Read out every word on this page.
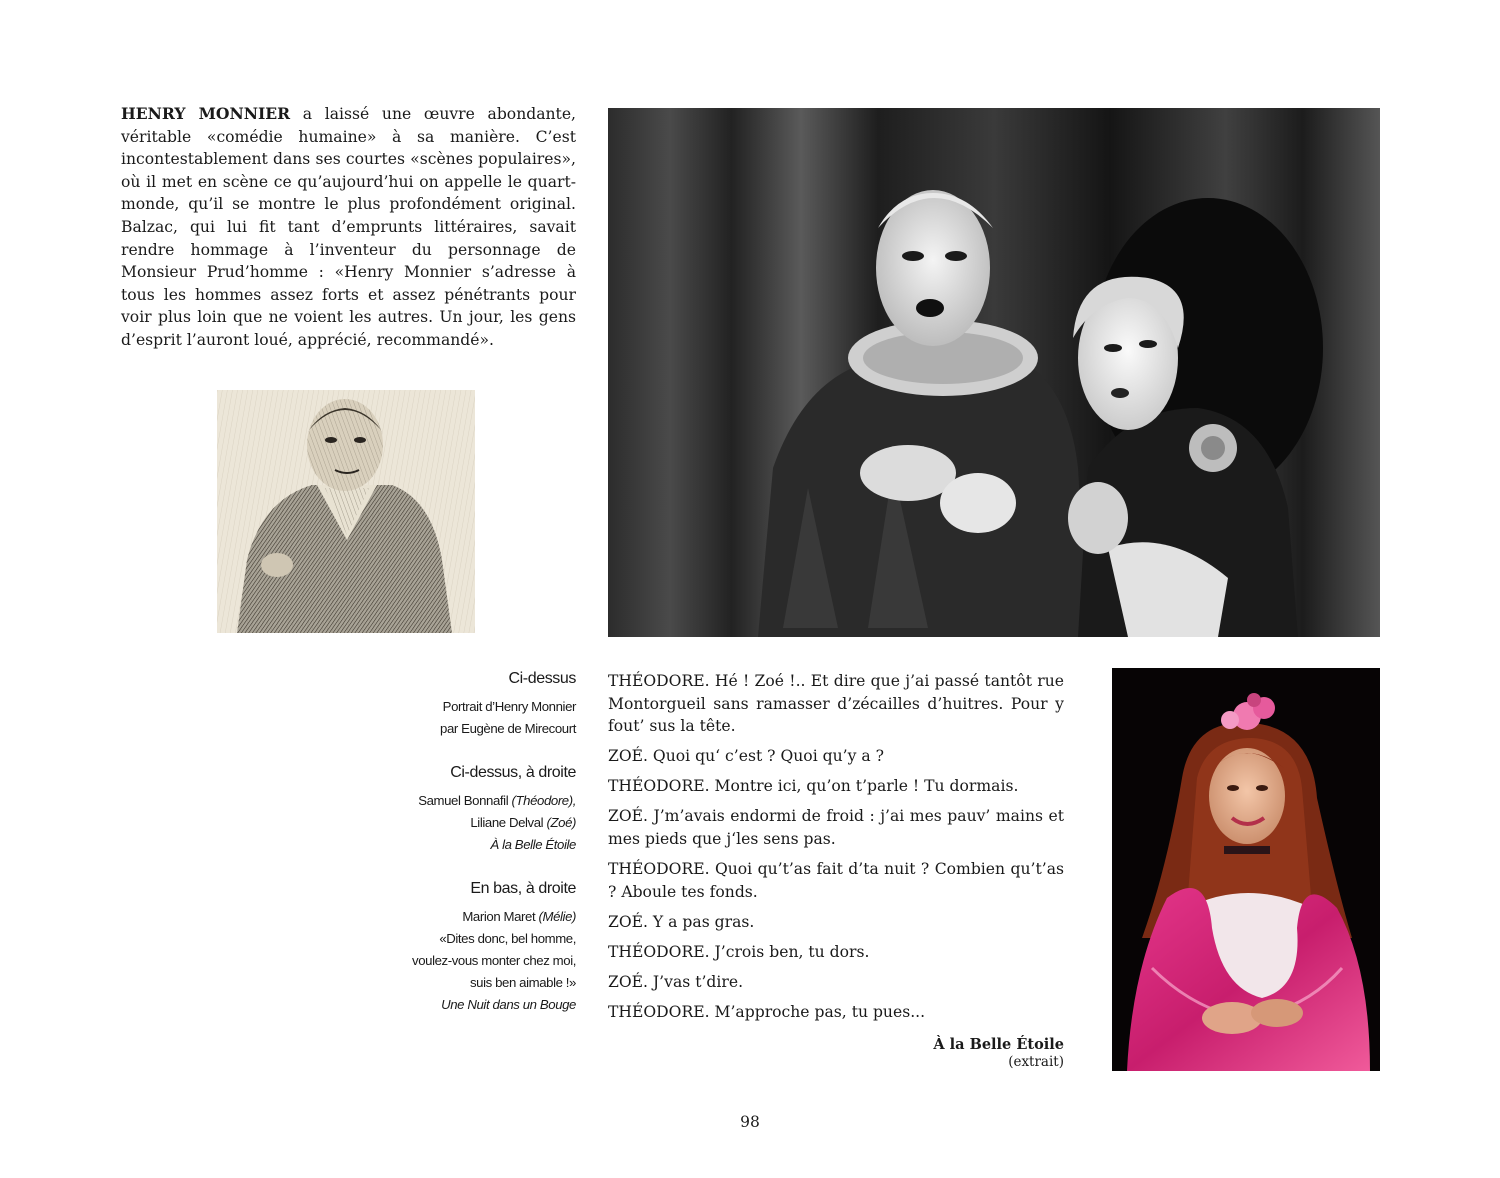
HENRY MONNIER a laissé une œuvre abondante, véritable «comédie humaine» à sa manière. C’est incontestablement dans ses courtes «scènes populaires», où il met en scène ce qu’aujourd’hui on appelle le quart-monde, qu’il se montre le plus profondément original. Balzac, qui lui fit tant d’emprunts littéraires, savait rendre hommage à l’inventeur du personnage de Monsieur Prud’homme : «Henry Monnier s’adresse à tous les hommes assez forts et assez pénétrants pour voir plus loin que ne voient les autres. Un jour, les gens d’esprit l’auront loué, apprécié, recommandé».

Ci-dessus
Portrait d’Henry Monnier
par Eugène de Mirecourt
Ci-dessus, à droite
Samuel Bonnafil (Théodore),
Liliane Delval (Zoé)
À la Belle Étoile
En bas, à droite
Marion Maret (Mélie)
«Dites donc, bel homme,
voulez-vous monter chez moi,
suis ben aimable !»
Une Nuit dans un Bouge

THÉODORE. Hé ! Zoé !.. Et dire que j’ai passé tantôt rue Montorgueil sans ramasser d’zécailles d’huitres. Pour y fout’ sus la tête.

ZOÉ. Quoi qu‘ c’est ? Quoi qu’y a ?

THÉODORE. Montre ici, qu’on t’parle ! Tu dormais.

ZOÉ. J’m’avais endormi de froid : j’ai mes pauv’ mains et mes pieds que j‘les sens pas.

THÉODORE. Quoi qu’t’as fait d’ta nuit ? Combien qu’t’as ? Aboule tes fonds.

ZOÉ. Y a pas gras.

THÉODORE. J’crois ben, tu dors.

ZOÉ. J’vas t’dire.

THÉODORE. M’approche pas, tu pues...

À la Belle Étoile
(extrait)
98
